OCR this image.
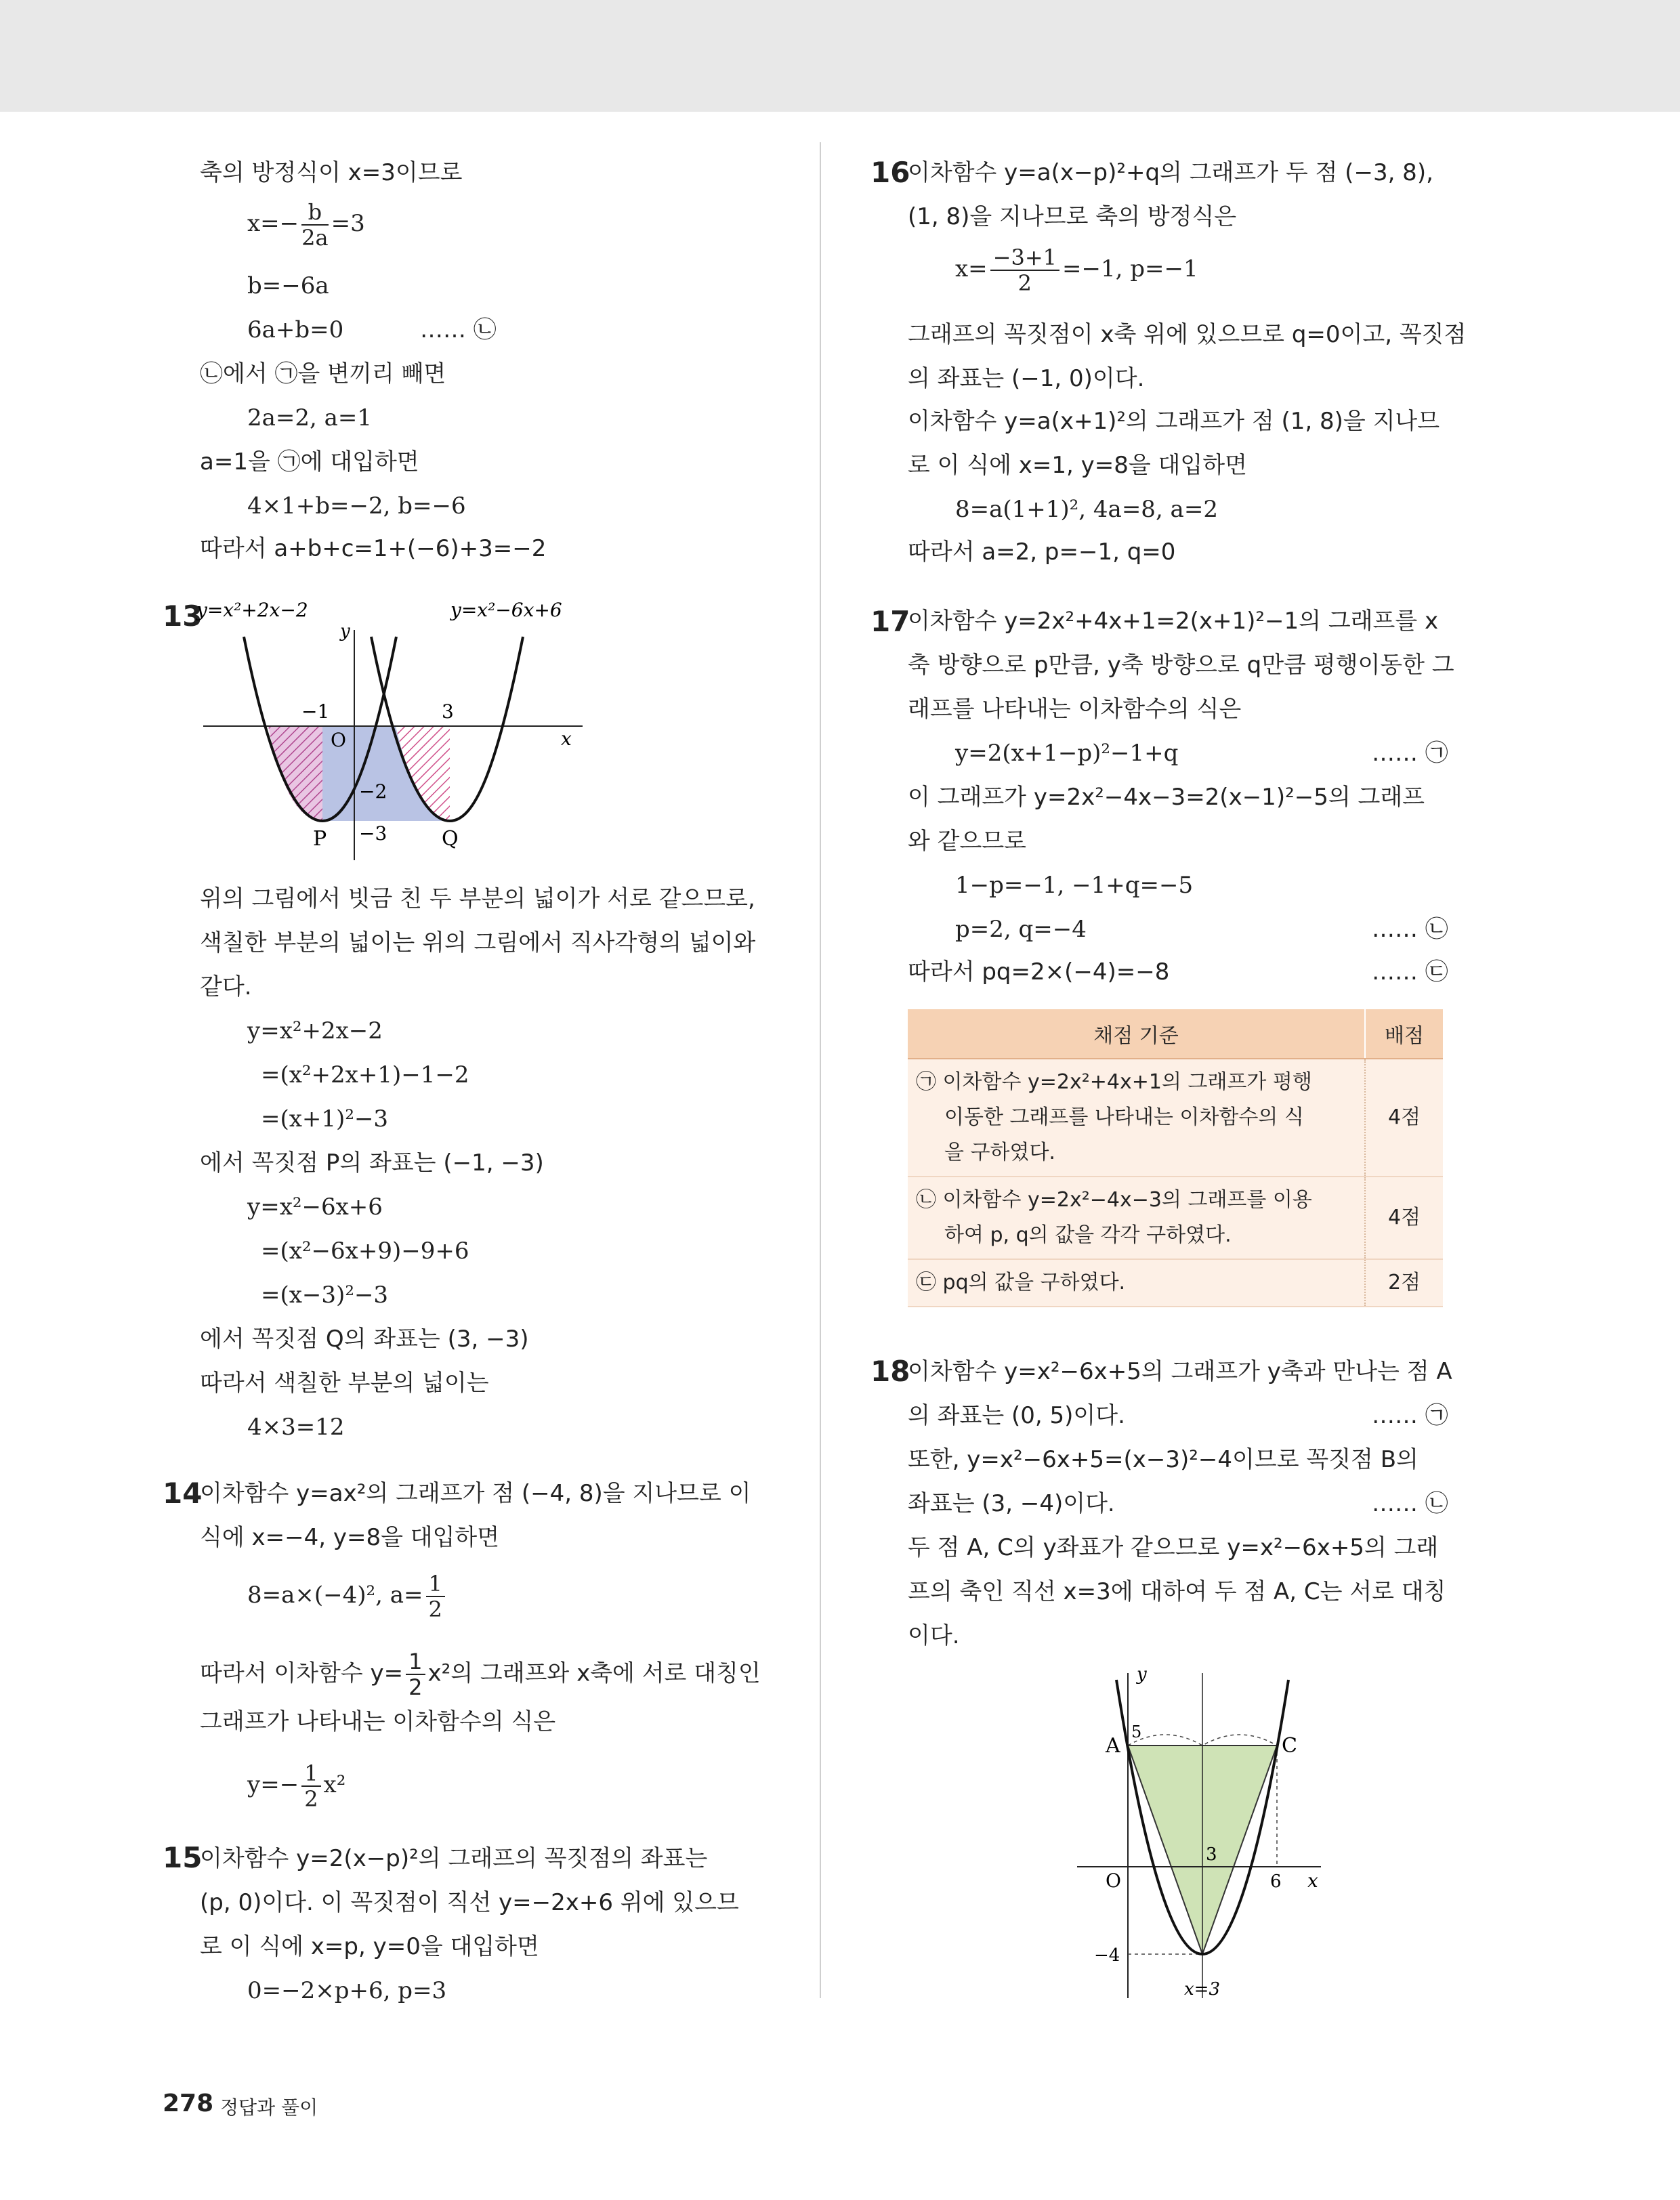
축의 방정식이 x=3이므로
$x=- \frac{b}{2a} =3$
b=−6a
6a+b=0	…… ㉡
㉡에서 ㉠을 변끼리 빼면
2a=2, a=1
a=1을 ㉠에 대입하면
4×1+b=−2, b=−6
따라서 a+b+c=1+(−6)+3=−2
13
y=x²+2x−2	y=x²−6x+6
y
x
O
−1	3
−2
−3
P	Q
위의 그림에서 빗금 친 두 부분의 넓이가 서로 같으므로,
색칠한 부분의 넓이는 위의 그림에서 직사각형의 넓이와
같다.
y=x²+2x−2
=(x²+2x+1)−1−2
=(x+1)²−3
에서 꼭짓점 P의 좌표는 (−1, −3)
y=x²−6x+6
=(x²−6x+9)−9+6
=(x−3)²−3
에서 꼭짓점 Q의 좌표는 (3, −3)
따라서 색칠한 부분의 넓이는
4×3=12
14
이차함수 y=ax²의 그래프가 점 (−4, 8)을 지나므로 이
식에 x=−4, y=8을 대입하면
8=a×(−4)², $a= \frac{1}{2}$
따라서 이차함수 $y= \frac{1}{2} x^2$의 그래프와 x축에 서로 대칭인
그래프가 나타내는 이차함수의 식은
$y=- \frac{1}{2} x^2$
15
이차함수 y=2(x−p)²의 그래프의 꼭짓점의 좌표는
(p, 0)이다. 이 꼭짓점이 직선 y=−2x+6 위에 있으므
로 이 식에 x=p, y=0을 대입하면
0=−2×p+6, p=3
16
이차함수 y=a(x−p)²+q의 그래프가 두 점 (−3, 8),
(1, 8)을 지나므로 축의 방정식은
$x= \frac{-3+1}{2} =-1$, p=−1
그래프의 꼭짓점이 x축 위에 있으므로 q=0이고, 꼭짓점
의 좌표는 (−1, 0)이다.
이차함수 y=a(x+1)²의 그래프가 점 (1, 8)을 지나므
로 이 식에 x=1, y=8을 대입하면
8=a(1+1)², 4a=8, a=2
따라서 a=2, p=−1, q=0
17
이차함수 y=2x²+4x+1=2(x+1)²−1의 그래프를 x
축 방향으로 p만큼, y축 방향으로 q만큼 평행이동한 그
래프를 나타내는 이차함수의 식은
y=2(x+1−p)²−1+q	…… ㉠
이 그래프가 y=2x²−4x−3=2(x−1)²−5의 그래프
와 같으므로
1−p=−1, −1+q=−5
p=2, q=−4	…… ㉡
따라서 pq=2×(−4)=−8	…… ㉢
채점 기준	배점

㉠ 이차함수 y=2x²+4x+1의 그래프가 평행
이동한 그래프를 나타내는 이차함수의 식
을 구하였다.	4점

㉡ 이차함수 y=2x²−4x−3의 그래프를 이용
하여 p, q의 값을 각각 구하였다.	4점

㉢ pq의 값을 구하였다.	2점
18
이차함수 y=x²−6x+5의 그래프가 y축과 만나는 점 A
의 좌표는 (0, 5)이다.	…… ㉠
또한, y=x²−6x+5=(x−3)²−4이므로 꼭짓점 B의
좌표는 (3, −4)이다.	…… ㉡
두 점 A, C의 y좌표가 같으므로 y=x²−6x+5의 그래
프의 축인 직선 x=3에 대하여 두 점 A, C는 서로 대칭
이다.
y
x
O
5
A	C
3
6
−4
x=3
278 정답과 풀이
